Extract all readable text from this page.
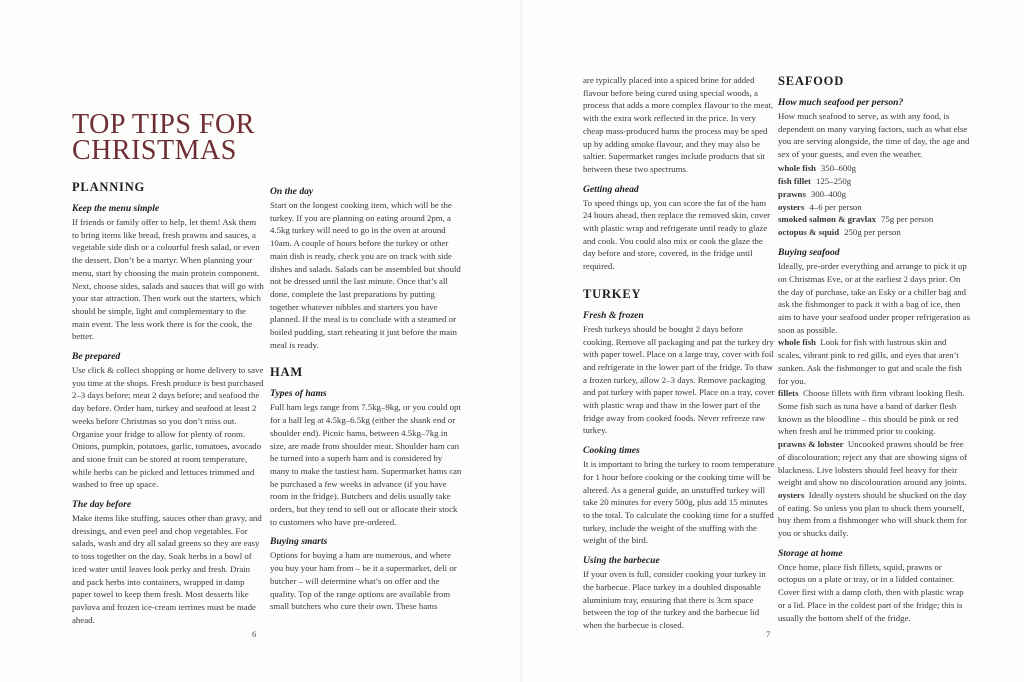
TOP TIPS FOR
CHRISTMAS
PLANNING
Keep the menu simple

If friends or family offer to help, let them! Ask them to bring items like bread, fresh prawns and sauces, a vegetable side dish or a colourful fresh salad, or even the dessert. Don’t be a martyr. When planning your menu, start by choosing the main protein component. Next, choose sides, salads and sauces that will go with your star attraction. Then work out the starters, which should be simple, light and complementary to the main event. The less work there is for the cook, the better.

Be prepared

Use click & collect shopping or home delivery to save you time at the shops. Fresh produce is best purchased 2–3 days before; meat 2 days before; and seafood the day before. Order ham, turkey and seafood at least 2 weeks before Christmas so you don’t miss out. Organise your fridge to allow for plenty of room. Onions, pumpkin, potatoes, garlic, tomatoes, avocado and stone fruit can be stored at room temperature, while herbs can be picked and lettuces trimmed and washed to free up space.

The day before

Make items like stuffing, sauces other than gravy, and dressings, and even peel and chop vegetables. For salads, wash and dry all salad greens so they are easy to toss together on the day. Soak herbs in a bowl of iced water until leaves look perky and fresh. Drain and pack herbs into containers, wrapped in damp paper towel to keep them fresh. Most desserts like pavlova and frozen ice-cream terrines must be made ahead.

On the day

Start on the longest cooking item, which will be the turkey. If you are planning on eating around 2pm, a 4.5kg turkey will need to go in the oven at around 10am. A couple of hours before the turkey or other main dish is ready, check you are on track with side dishes and salads. Salads can be assembled but should not be dressed until the last minute. Once that’s all done, complete the last preparations by putting together whatever nibbles and starters you have planned. If the meal is to conclude with a steamed or boiled pudding, start reheating it just before the main meal is ready.

HAM
Types of hams

Full ham legs range from 7.5kg–9kg, or you could opt for a half leg at 4.5kg–6.5kg (either the shank end or shoulder end). Picnic hams, between 4.5kg–7kg in size, are made from shoulder meat. Shoulder ham can be turned into a superb ham and is considered by many to make the tastiest ham. Supermarket hams can be purchased a few weeks in advance (if you have room in the fridge). Butchers and delis usually take orders, but they tend to sell out or allocate their stock to customers who have pre-ordered.

Buying smarts

Options for buying a ham are numerous, and where you buy your ham from – be it a supermarket, deli or butcher – will determine what’s on offer and the quality. Top of the range options are available from small butchers who cure their own. These hams

are typically placed into a spiced brine for added flavour before being cured using special woods, a process that adds a more complex flavour to the meat, with the extra work reflected in the price. In very cheap mass-produced hams the process may be sped up by adding smoke flavour, and they may also be saltier. Supermarket ranges include products that sit between these two spectrums.

Getting ahead

To speed things up, you can score the fat of the ham 24 hours ahead, then replace the removed skin, cover with plastic wrap and refrigerate until ready to glaze and cook. You could also mix or cook the glaze the day before and store, covered, in the fridge until required.

TURKEY
Fresh & frozen

Fresh turkeys should be bought 2 days before cooking. Remove all packaging and pat the turkey dry with paper towel. Place on a large tray, cover with foil and refrigerate in the lower part of the fridge. To thaw a frozen turkey, allow 2–3 days. Remove packaging and pat turkey with paper towel. Place on a tray, cover with plastic wrap and thaw in the lower part of the fridge away from cooked foods. Never refreeze raw turkey.

Cooking times

It is important to bring the turkey to room temperature for 1 hour before cooking or the cooking time will be altered. As a general guide, an unstuffed turkey will take 20 minutes for every 500g, plus add 15 minutes to the total. To calculate the cooking time for a stuffed turkey, include the weight of the stuffing with the weight of the bird.

Using the barbecue

If your oven is full, consider cooking your turkey in the barbecue. Place turkey in a doubled disposable aluminium tray, ensuring that there is 3cm space between the top of the turkey and the barbecue lid when the barbecue is closed.

SEAFOOD
How much seafood per person?

How much seafood to serve, as with any food, is dependent on many varying factors, such as what else you are serving alongside, the time of day, the age and sex of your guests, and even the weather.

whole fish 350–600g
fish fillet 125–250g
prawns 300–400g
oysters 4–6 per person
smoked salmon & gravlax 75g per person
octopus & squid 250g per person
Buying seafood

Ideally, pre-order everything and arrange to pick it up on Christmas Eve, or at the earliest 2 days prior. On the day of purchase, take an Esky or a chiller bag and ask the fishmonger to pack it with a bag of ice, then aim to have your seafood under proper refrigeration as soon as possible.

whole fish Look for fish with lustrous skin and scales, vibrant pink to red gills, and eyes that aren’t sunken. Ask the fishmonger to gut and scale the fish for you.

fillets Choose fillets with firm vibrant looking flesh. Some fish such as tuna have a band of darker flesh known as the bloodline – this should be pink or red when fresh and be trimmed prior to cooking.

prawns & lobster Uncooked prawns should be free of discolouration; reject any that are showing signs of blackness. Live lobsters should feel heavy for their weight and show no discolouration around any joints.

oysters Ideally oysters should be shucked on the day of eating. So unless you plan to shuck them yourself, buy them from a fishmonger who will shuck them for you or shucks daily.

Storage at home

Once home, place fish fillets, squid, prawns or octopus on a plate or tray, or in a lidded container. Cover first with a damp cloth, then with plastic wrap or a lid. Place in the coldest part of the fridge; this is usually the bottom shelf of the fridge.

6	7
